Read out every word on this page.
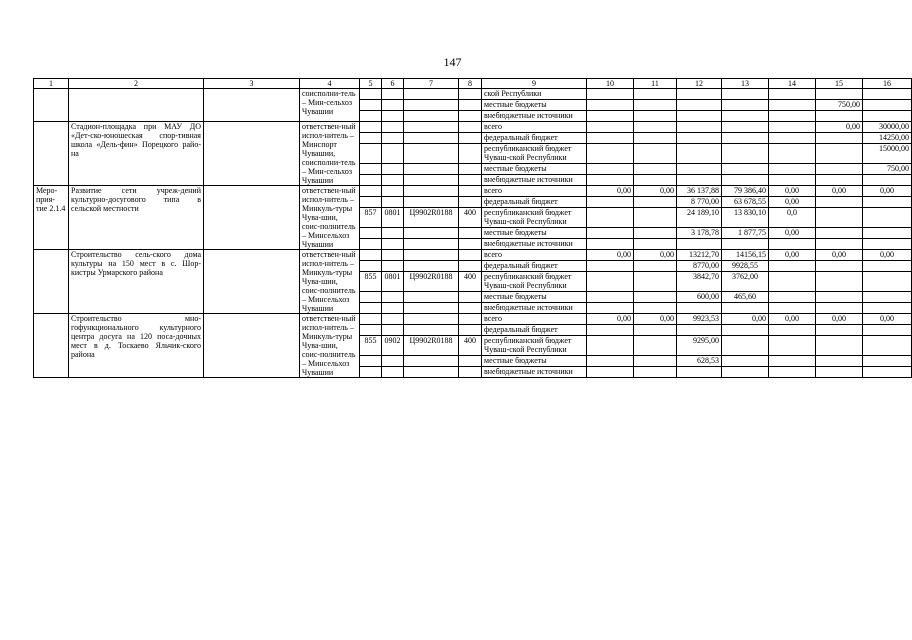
147
1	2	3	4	5	6	7	8	9	10	11	12	13	14	15	16
			соисполни-тель – Мин-сельхоз Чувашии					ской Республики							
								местные бюджеты						750,00	
								внебюджетные источники							
	Стадион-площадка при МАУ ДО «Дет-ско-юношеская спор-тивная школа «Дель-фин» Порецкого райо-на		ответствен-ный испол-нитель – Минспорт Чувашии, соисполни-тель – Мин-сельхоз Чувашии					всего						0,00	30000,00
								федеральный бюджет							14250,00
								республиканский бюджет Чуваш-ской Республики							15000,00
								местные бюджеты							750,00
								внебюджетные источники							
Меро-прия-тие 2.1.4	Развитие сети учреж-дений культурно-досугового типа в сельской местности		ответствен-ный испол-нитель – Минкуль-туры Чува-шии, соис-полнитель – Минсельхоз Чувашии					всего	0,00	0,00	36 137,88	79 386,40	0,00	0,00	0,00
								федеральный бюджет			8 770,00	63 678,55	0,00		
				857	0801	Ц9902R0188	400	республиканский бюджет Чуваш-ской Республики			24 189,10	13 830,10	0,0		
								местные бюджеты			3 178,78	1 877,75	0,00		
								внебюджетные источники							
	Строительство сель-ского дома культуры на 150 мест в с. Шор-кистры Урмарского района		ответствен-ный испол-нитель – Минкуль-туры Чува-шии, соис-полнитель – Минсельхоз Чувашии					всего	0,00	0,00	13212,70	14156,15	0,00	0,00	0,00
								федеральный бюджет			8770,00	9928,55			
				855	0801	Ц9902R0188	400	республиканский бюджет Чуваш-ской Республики			3842,70	3762,00			
								местные бюджеты			600,00	465,60			
								внебюджетные источники							
	Строительство мно-гофункционального культурного центра досуга на 120 поса-дочных мест в д. Тоскаево Яльчик-ского района		ответствен-ный испол-нитель – Минкуль-туры Чува-шии, соис-полнитель – Минсельхоз Чувашии					всего	0,00	0,00	9923,53	0,00	0,00	0,00	0,00
								федеральный бюджет							
				855	0902	Ц9902R0188	400	республиканский бюджет Чуваш-ской Республики			9295,00				
								местные бюджеты			628,53				
								внебюджетные источники							
